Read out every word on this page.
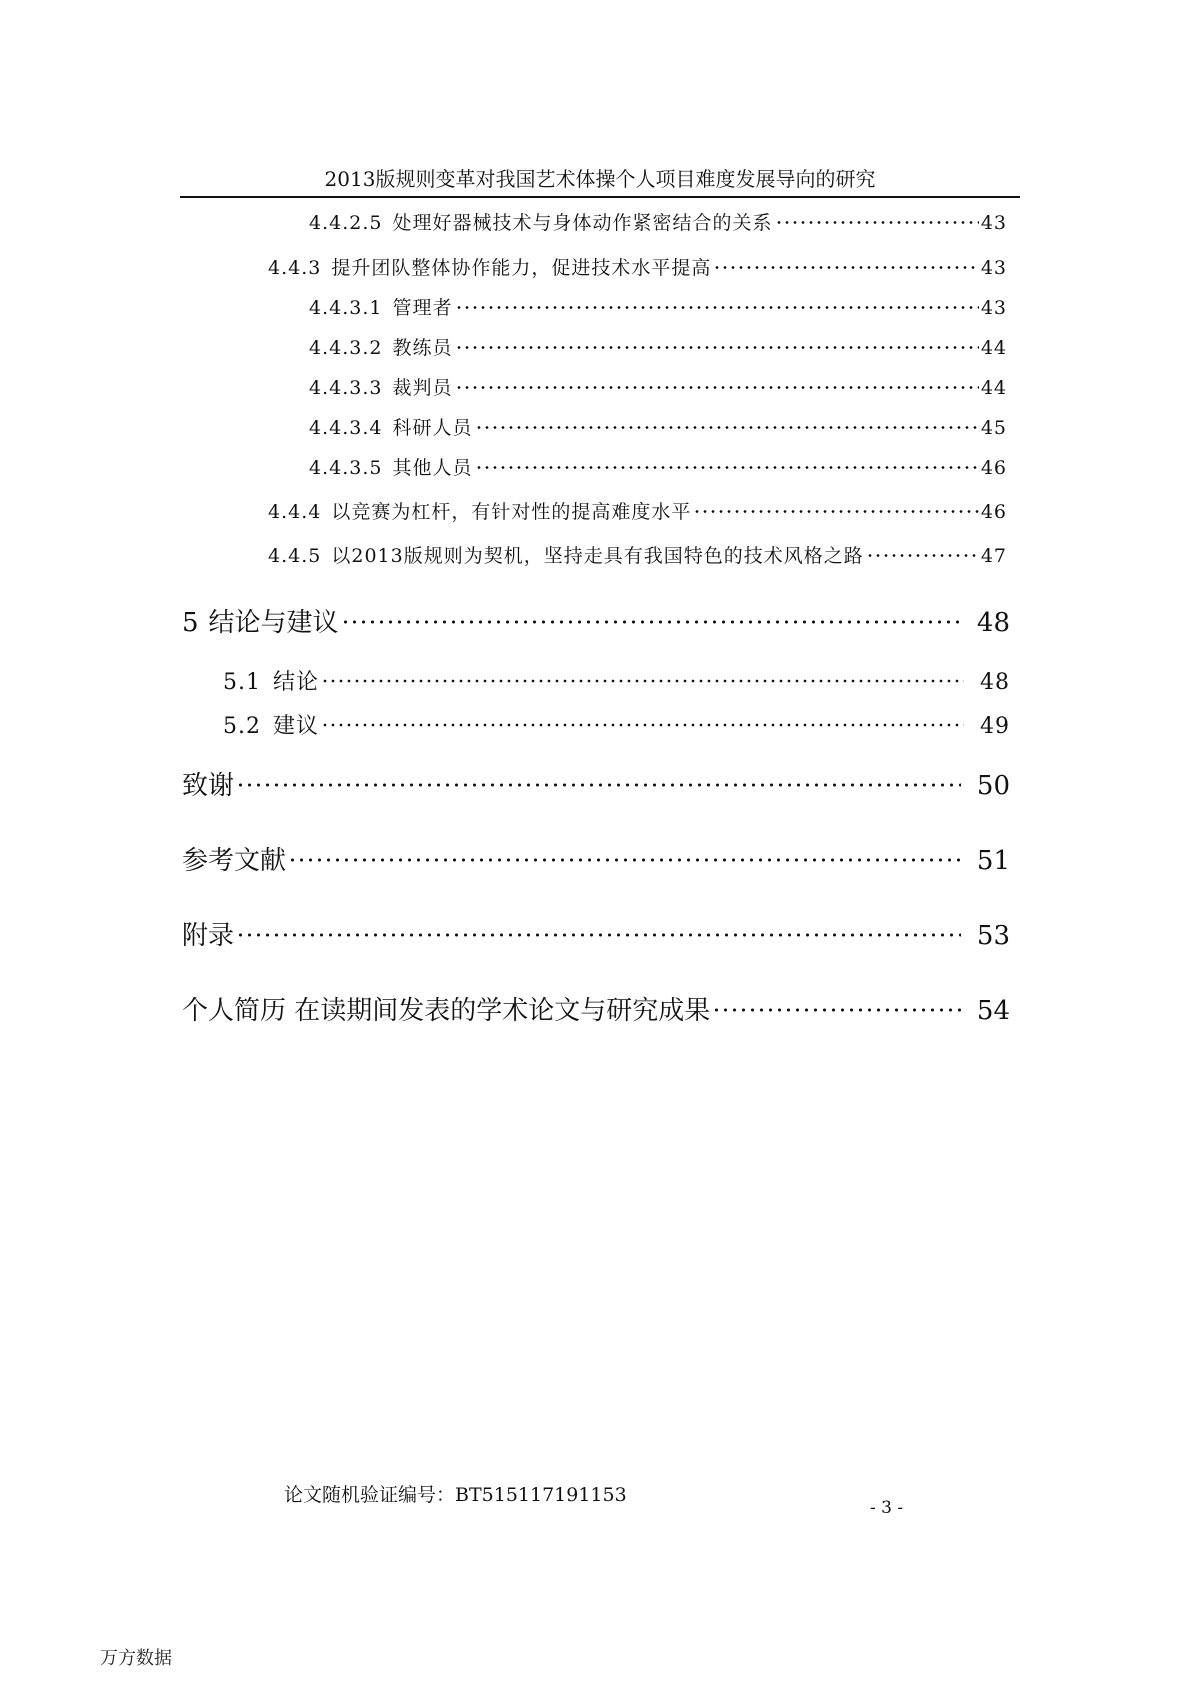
2013版规则变革对我国艺术体操个人项目难度发展导向的研究
4.4.2.5 处理好器械技术与身体动作紧密结合的关系	43
4.4.3 提升团队整体协作能力，促进技术水平提高	43
4.4.3.1 管理者	43
4.4.3.2 教练员	44
4.4.3.3 裁判员	44
4.4.3.4 科研人员	45
4.4.3.5 其他人员	46
4.4.4 以竞赛为杠杆，有针对性的提高难度水平	46
4.4.5 以2013版规则为契机，坚持走具有我国特色的技术风格之路	47
5 结论与建议	48
5.1 结论	48
5.2 建议	49
致谢	50
参考文献	51
附录	53
个人简历 在读期间发表的学术论文与研究成果	54
论文随机验证编号：BT515117191153
- 3 -
万方数据
